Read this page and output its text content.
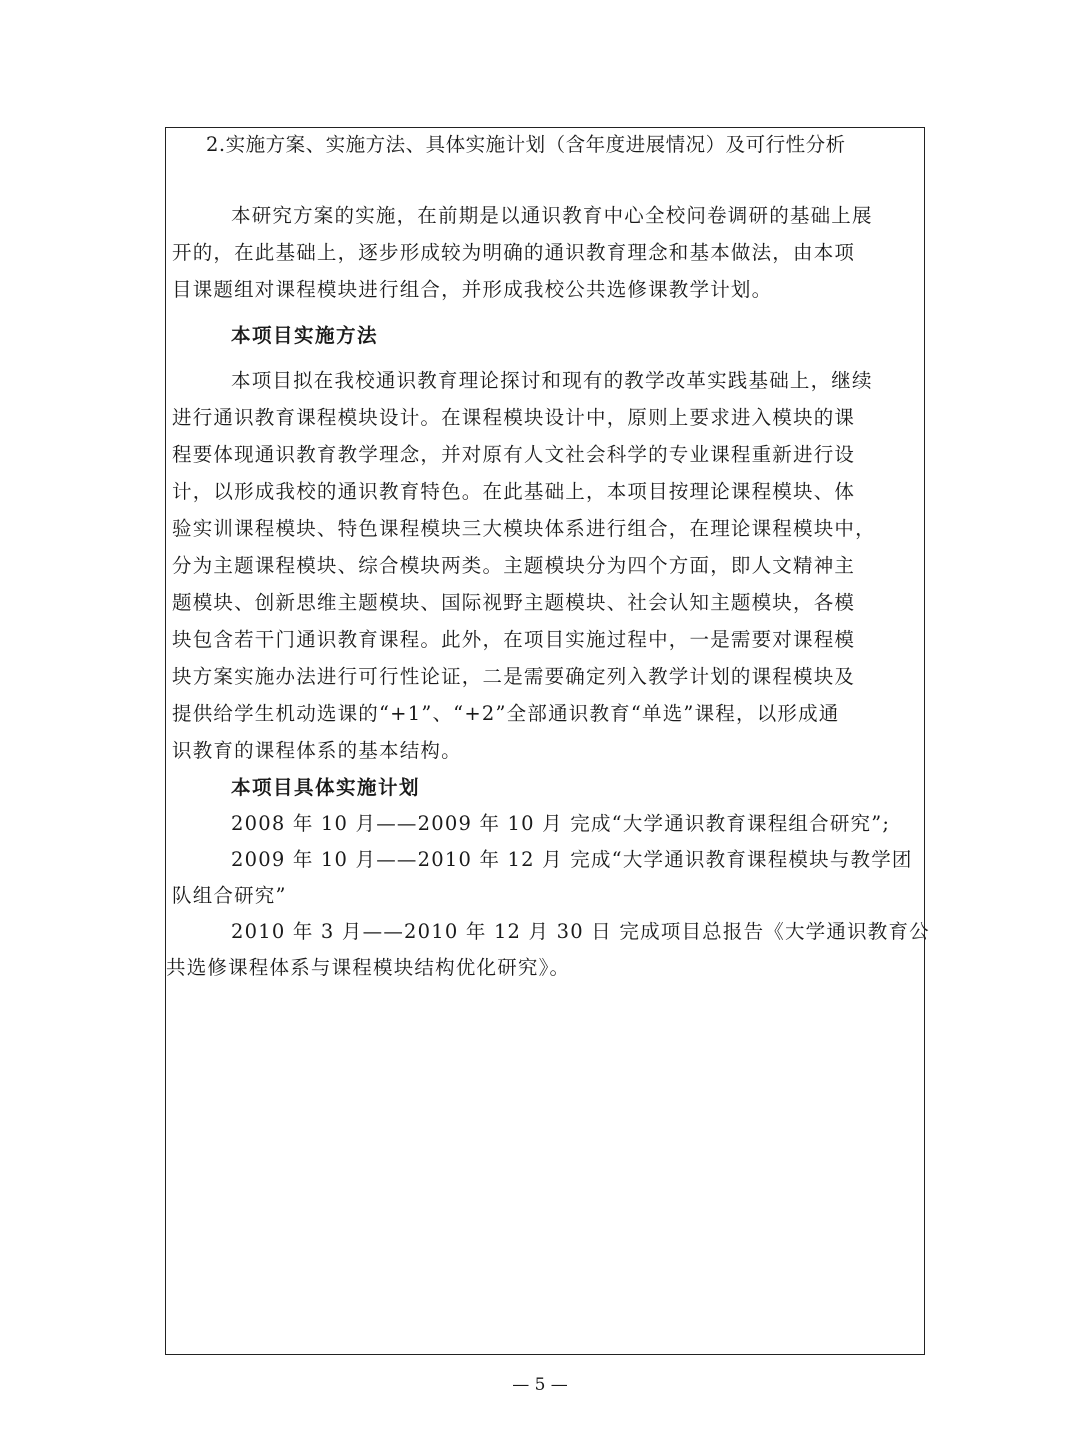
2.实施方案、实施方法、具体实施计划（含年度进展情况）及可行性分析
本研究方案的实施，在前期是以通识教育中心全校问卷调研的基础上展
开的，在此基础上，逐步形成较为明确的通识教育理念和基本做法，由本项
目课题组对课程模块进行组合，并形成我校公共选修课教学计划。
本项目实施方法
本项目拟在我校通识教育理论探讨和现有的教学改革实践基础上，继续
进行通识教育课程模块设计。在课程模块设计中，原则上要求进入模块的课
程要体现通识教育教学理念，并对原有人文社会科学的专业课程重新进行设
计，以形成我校的通识教育特色。在此基础上，本项目按理论课程模块、体
验实训课程模块、特色课程模块三大模块体系进行组合，在理论课程模块中，
分为主题课程模块、综合模块两类。主题模块分为四个方面，即人文精神主
题模块、创新思维主题模块、国际视野主题模块、社会认知主题模块，各模
块包含若干门通识教育课程。此外，在项目实施过程中，一是需要对课程模
块方案实施办法进行可行性论证，二是需要确定列入教学计划的课程模块及
提供给学生机动选课的“+1”、“+2”全部通识教育“单选”课程，以形成通
识教育的课程体系的基本结构。
本项目具体实施计划
2008 年 10 月——2009 年 10 月 完成“大学通识教育课程组合研究”;
2009 年 10 月——2010 年 12 月 完成“大学通识教育课程模块与教学团
队组合研究”
2010 年 3 月——2010 年 12 月 30 日 完成项目总报告《大学通识教育公
共选修课程体系与课程模块结构优化研究》。
— 5 —
